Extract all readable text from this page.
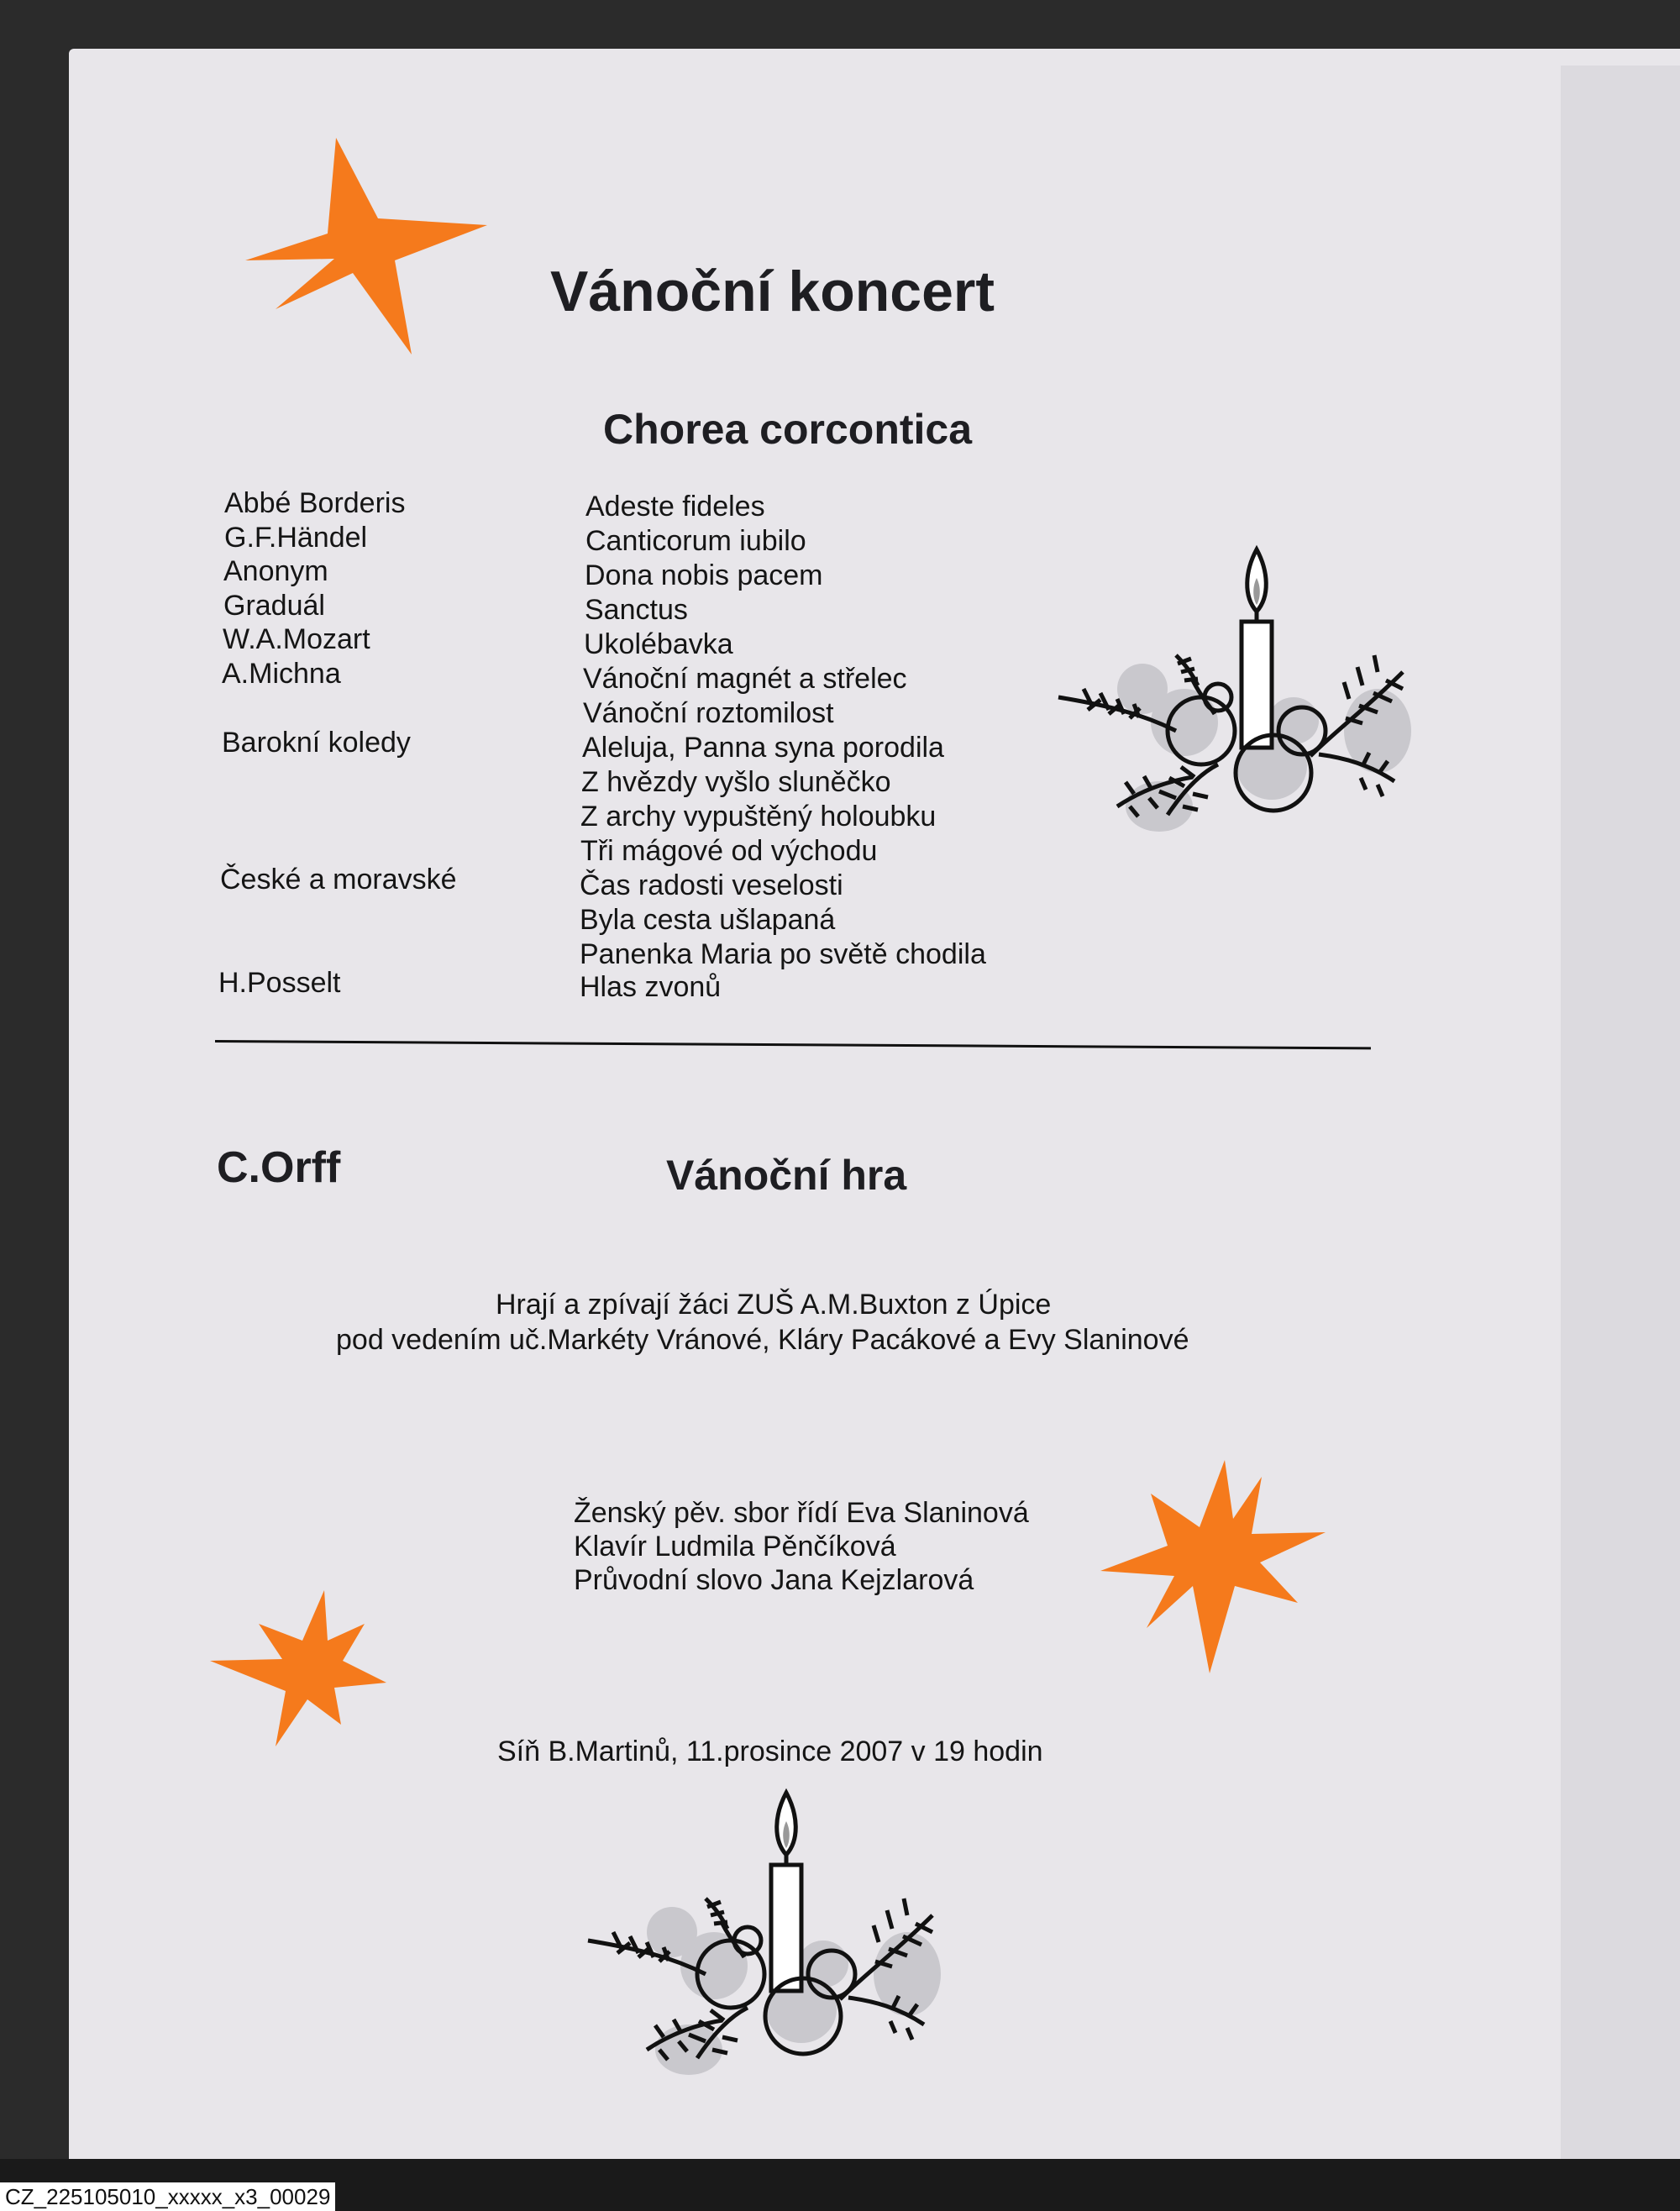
Vánoční koncert
Chorea corcontica
Abbé Borderis	Adeste fideles
G.F.Händel	Canticorum iubilo
Anonym	Dona nobis pacem
Graduál	Sanctus
W.A.Mozart	Ukolébavka
A.Michna	Vánoční magnét a střelec
Vánoční roztomilost
Barokní koledy	Aleluja, Panna syna porodila
Z hvězdy vyšlo sluněčko
Z archy vypuštěný holoubku
Tři mágové od východu
České a moravské	Čas radosti veselosti
Byla cesta ušlapaná
Panenka Maria po světě chodila
H.Posselt	Hlas zvonů
C.Orff	Vánoční hra
Hrají a zpívají žáci ZUŠ A.M.Buxton z Úpice
pod vedením uč.Markéty Vránové, Kláry Pacákové a Evy Slaninové
Ženský pěv. sbor řídí Eva Slaninová
Klavír Ludmila Pěnčíková
Průvodní slovo Jana Kejzlarová
Síň B.Martinů, 11.prosince 2007 v 19 hodin
CZ_225105010_xxxxx_x3_00029
